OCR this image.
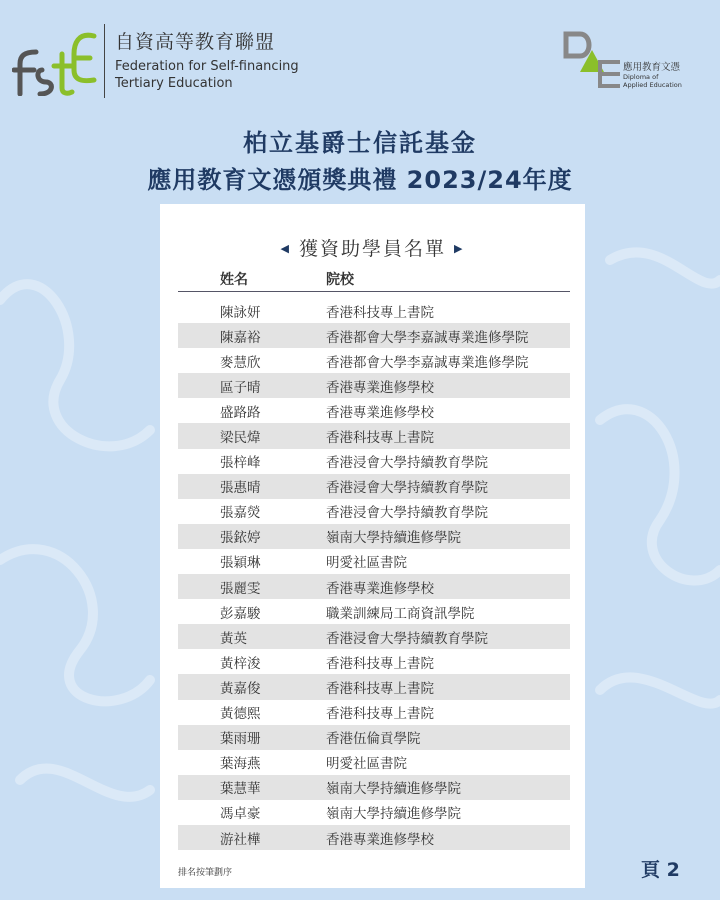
自資高等教育聯盟
Federation for Self-financing
Tertiary Education
應用教育文憑
Diploma of
Applied Education
柏立基爵士信託基金
應用教育文憑頒獎典禮 2023/24年度
◀ 獲資助學員名單 ▶
姓名	院校
陳詠妍	香港科技專上書院
陳嘉裕	香港都會大學李嘉誠專業進修學院
麥慧欣	香港都會大學李嘉誠專業進修學院
區子晴	香港專業進修學校
盛路路	香港專業進修學校
梁民煒	香港科技專上書院
張梓峰	香港浸會大學持續教育學院
張惠晴	香港浸會大學持續教育學院
張嘉熒	香港浸會大學持續教育學院
張銥婷	嶺南大學持續進修學院
張穎琳	明愛社區書院
張麗雯	香港專業進修學校
彭嘉駿	職業訓練局工商資訊學院
黃英	香港浸會大學持續教育學院
黃梓浚	香港科技專上書院
黃嘉俊	香港科技專上書院
黃德熙	香港科技專上書院
葉雨珊	香港伍倫貢學院
葉海燕	明愛社區書院
葉慧華	嶺南大學持續進修學院
馮卓豪	嶺南大學持續進修學院
游社樺	香港專業進修學校
排名按筆劃序	頁 2
